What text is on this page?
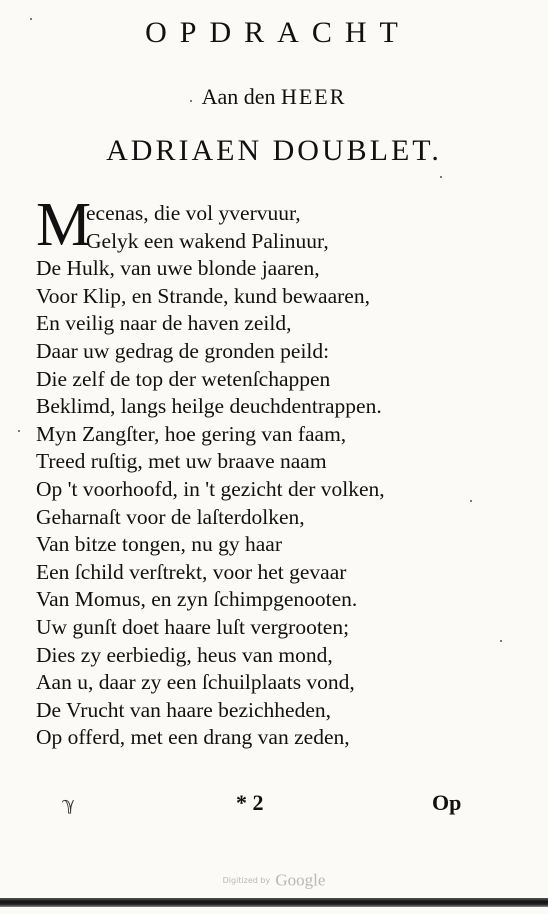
OPDRACHT
Aan den HEER
ADRIAEN DOUBLET.
M
ecenas, die vol yvervuur,
Gelyk een wakend Palinuur,
De Hulk, van uwe blonde jaaren,
Voor Klip, en Strande, kund bewaaren,
En veilig naar de haven zeild,
Daar uw gedrag de gronden peild:
Die zelf de top der wetenſchappen
Beklimd, langs heilge deuchdentrappen.
Myn Zangſter, hoe gering van faam,
Treed ruſtig, met uw braave naam
Op 't voorhoofd, in 't gezicht der volken,
Geharnaſt voor de laſterdolken,
Van bitze tongen, nu gy haar
Een ſchild verſtrekt, voor het gevaar
Van Momus, en zyn ſchimpgenooten.
Uw gunſt doet haare luſt vergrooten;
Dies zy eerbiedig, heus van mond,
Aan u, daar zy een ſchuilplaats vond,
De Vrucht van haare bezichheden,
Op offerd, met een drang van zeden,
ℽ	* 2	Op
Digitized by Google
